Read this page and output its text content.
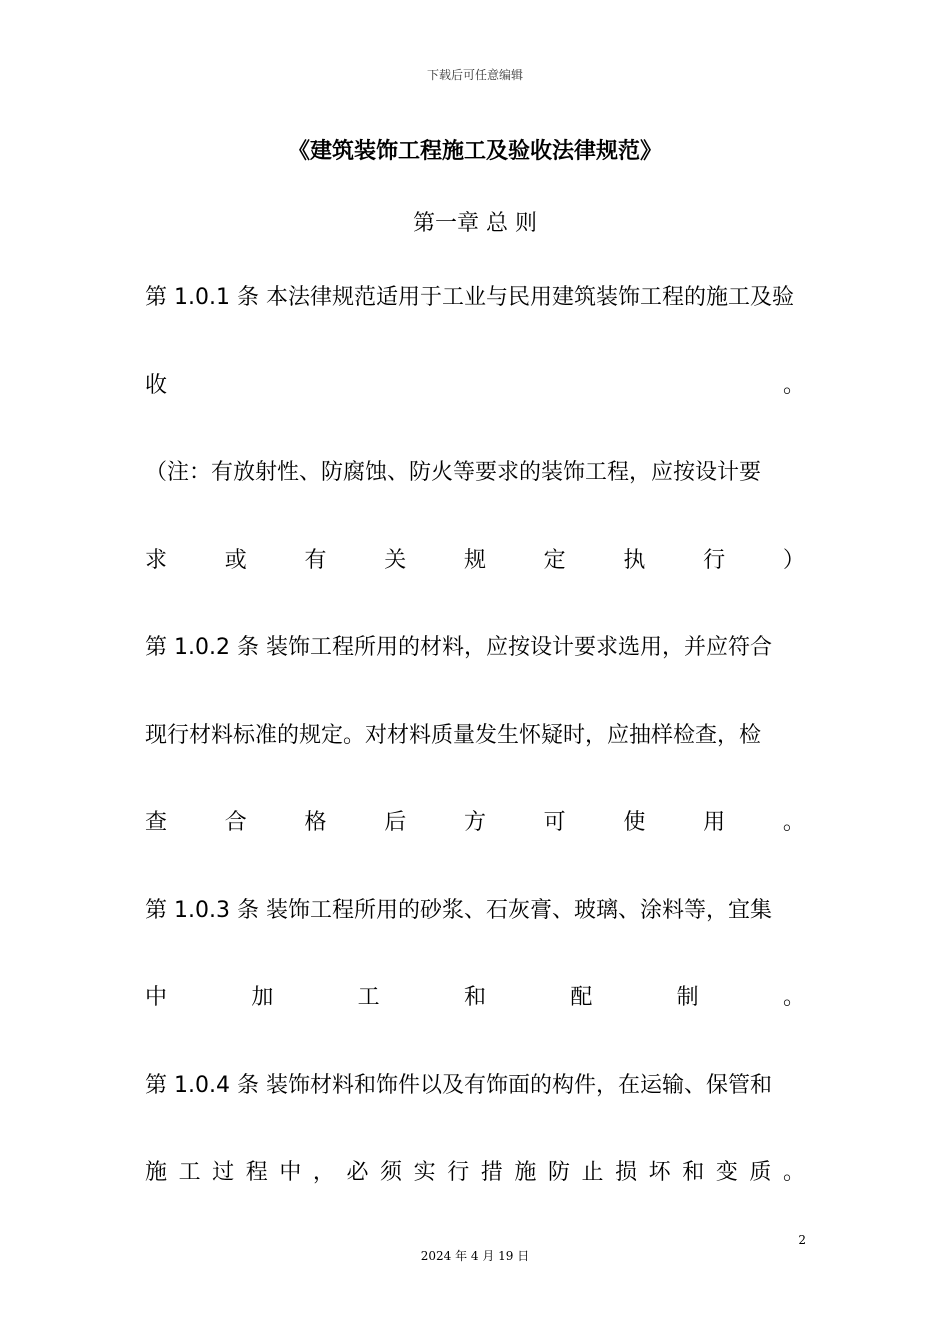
下载后可任意编辑
《建筑装饰工程施工及验收法律规范》
第一章 总 则
第 1.0.1 条 本法律规范适用于工业与民用建筑装饰工程的施工及验
收	。
（注：有放射性、防腐蚀、防火等要求的装饰工程，应按设计要
求	或	有	关	规	定	执	行	）
第 1.0.2 条 装饰工程所用的材料，应按设计要求选用，并应符合
现行材料标准的规定。对材料质量发生怀疑时，应抽样检查，检
查	合	格	后	方	可	使	用	。
第 1.0.3 条 装饰工程所用的砂浆、石灰膏、玻璃、涂料等，宜集
中	加	工	和	配	制	。
第 1.0.4 条 装饰材料和饰件以及有饰面的构件，在运输、保管和
施 工 过 程 中 ， 必 须 实 行 措 施 防 止 损 坏 和 变 质 。
2
2024 年 4 月 19 日
